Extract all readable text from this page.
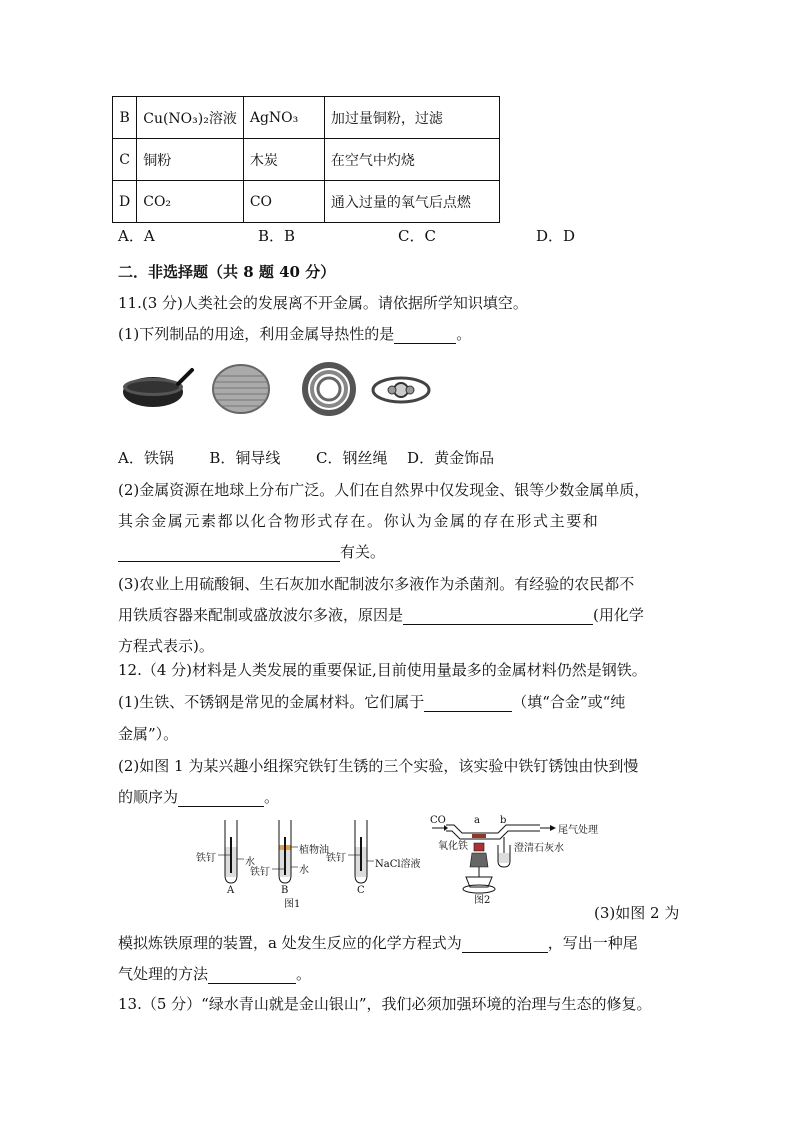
B	Cu(NO₃)₂溶液	AgNO₃	加过量铜粉，过滤
C	铜粉	木炭	在空气中灼烧
D	CO₂	CO	通入过量的氧气后点燃
A．A	B．B	C．C	D．D
二．非选择题（共 8 题 40 分）
11.(3 分)人类社会的发展离不开金属。请依据所学知识填空。
(1)下列制品的用途，利用金属导热性的是	。
A．铁锅 B．铜导线 C．钢丝绳 D．黄金饰品
(2)金属资源在地球上分布广泛。人们在自然界中仅发现金、银等少数金属单质，
其余金属元素都以化合物形式存在。你认为金属的存在形式主要和
有关。
(3)农业上用硫酸铜、生石灰加水配制波尔多液作为杀菌剂。有经验的农民都不
用铁质容器来配制或盛放波尔多液，原因是	(用化学
方程式表示)。
12.（4 分)材料是人类发展的重要保证,目前使用量最多的金属材料仍然是钢铁。
(1)生铁、不锈钢是常见的金属材料。它们属于	（填“合金”或“纯
金属”）。
(2)如图 1 为某兴趣小组探究铁钉生锈的三个实验，该实验中铁钉锈蚀由快到慢
的顺序为	。
铁钉	水
A
植物油
水
铁钉
B
图1
铁钉
NaCl溶液
C
CO	a b
尾气处理
氧化铁	澄清石灰水
图2
(3)如图 2 为
模拟炼铁原理的装置，a 处发生反应的化学方程式为	，写出一种尾
气处理的方法	。
13.（5 分）“绿水青山就是金山银山”，我们必须加强环境的治理与生态的修复。
